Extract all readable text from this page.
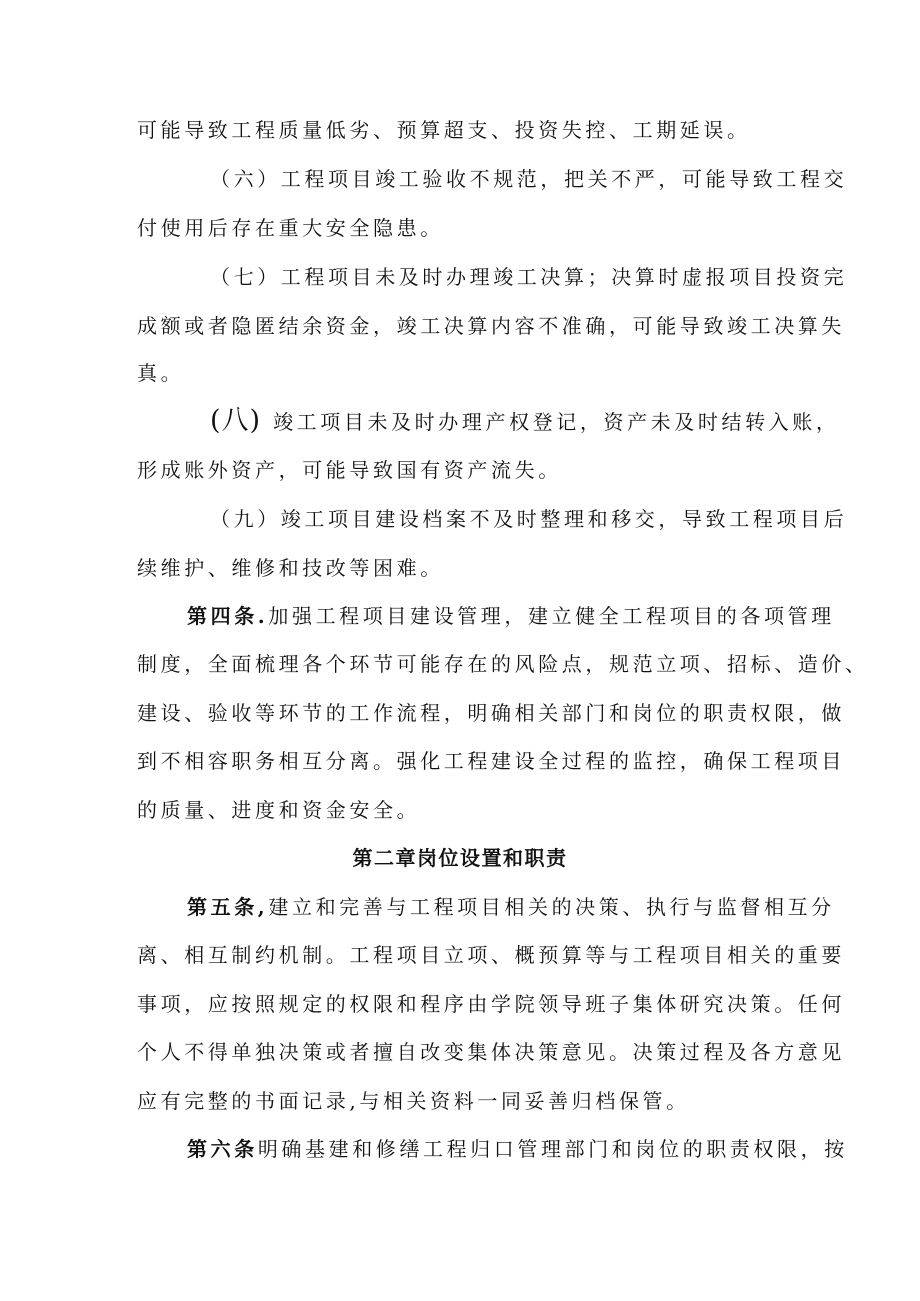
可能导致工程质量低劣、预算超支、投资失控、工期延误。
（六）工程项目竣工验收不规范，把关不严，可能导致工程交
付使用后存在重大安全隐患。
（七）工程项目未及时办理竣工决算；决算时虚报项目投资完
成额或者隐匿结余资金，竣工决算内容不准确，可能导致竣工决算失
真。
(八) 竣工项目未及时办理产权登记，资产未及时结转入账，
形成账外资产，可能导致国有资产流失。
（九）竣工项目建设档案不及时整理和移交，导致工程项目后
续维护、维修和技改等困难。
第四条.加强工程项目建设管理，建立健全工程项目的各项管理
制度，全面梳理各个环节可能存在的风险点，规范立项、招标、造价、
建设、验收等环节的工作流程，明确相关部门和岗位的职责权限，做
到不相容职务相互分离。强化工程建设全过程的监控，确保工程项目
的质量、进度和资金安全。
第二章岗位设置和职责
第五条,建立和完善与工程项目相关的决策、执行与监督相互分
离、相互制约机制。工程项目立项、概预算等与工程项目相关的重要
事项，应按照规定的权限和程序由学院领导班子集体研究决策。任何
个人不得单独决策或者擅自改变集体决策意见。决策过程及各方意见
应有完整的书面记录,与相关资料一同妥善归档保管。
第六条明确基建和修缮工程归口管理部门和岗位的职责权限，按
